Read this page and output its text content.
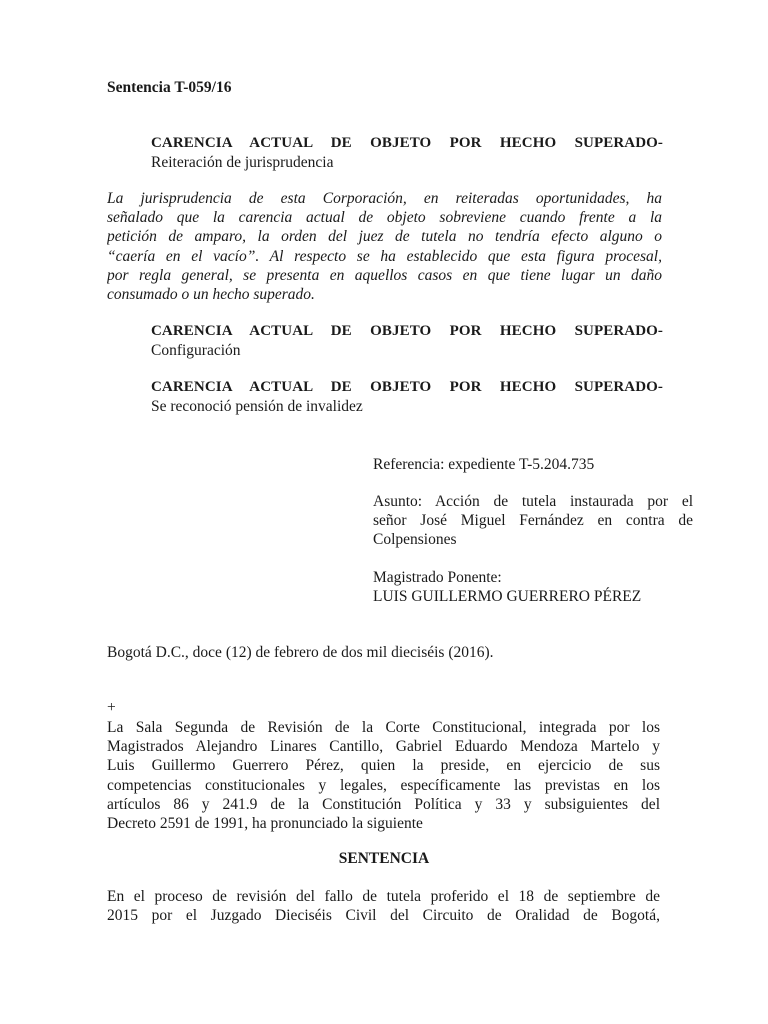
Sentencia T-059/16
CARENCIA ACTUAL DE OBJETO POR HECHO SUPERADO-
Reiteración de jurisprudencia
La jurisprudencia de esta Corporación, en reiteradas oportunidades, ha
señalado que la carencia actual de objeto sobreviene cuando frente a la
petición de amparo, la orden del juez de tutela no tendría efecto alguno o
“caería en el vacío”. Al respecto se ha establecido que esta figura procesal,
por regla general, se presenta en aquellos casos en que tiene lugar un daño
consumado o un hecho superado.
CARENCIA ACTUAL DE OBJETO POR HECHO SUPERADO-
Configuración
CARENCIA ACTUAL DE OBJETO POR HECHO SUPERADO-
Se reconoció pensión de invalidez
Referencia: expediente T-5.204.735
Asunto: Acción de tutela instaurada por el
señor José Miguel Fernández en contra de
Colpensiones
Magistrado Ponente:
LUIS GUILLERMO GUERRERO PÉREZ
Bogotá D.C., doce (12) de febrero de dos mil dieciséis (2016).
+
La Sala Segunda de Revisión de la Corte Constitucional, integrada por los
Magistrados Alejandro Linares Cantillo, Gabriel Eduardo Mendoza Martelo y
Luis Guillermo Guerrero Pérez, quien la preside, en ejercicio de sus
competencias constitucionales y legales, específicamente las previstas en los
artículos 86 y 241.9 de la Constitución Política y 33 y subsiguientes del
Decreto 2591 de 1991, ha pronunciado la siguiente
SENTENCIA
En el proceso de revisión del fallo de tutela proferido el 18 de septiembre de
2015 por el Juzgado Dieciséis Civil del Circuito de Oralidad de Bogotá,
